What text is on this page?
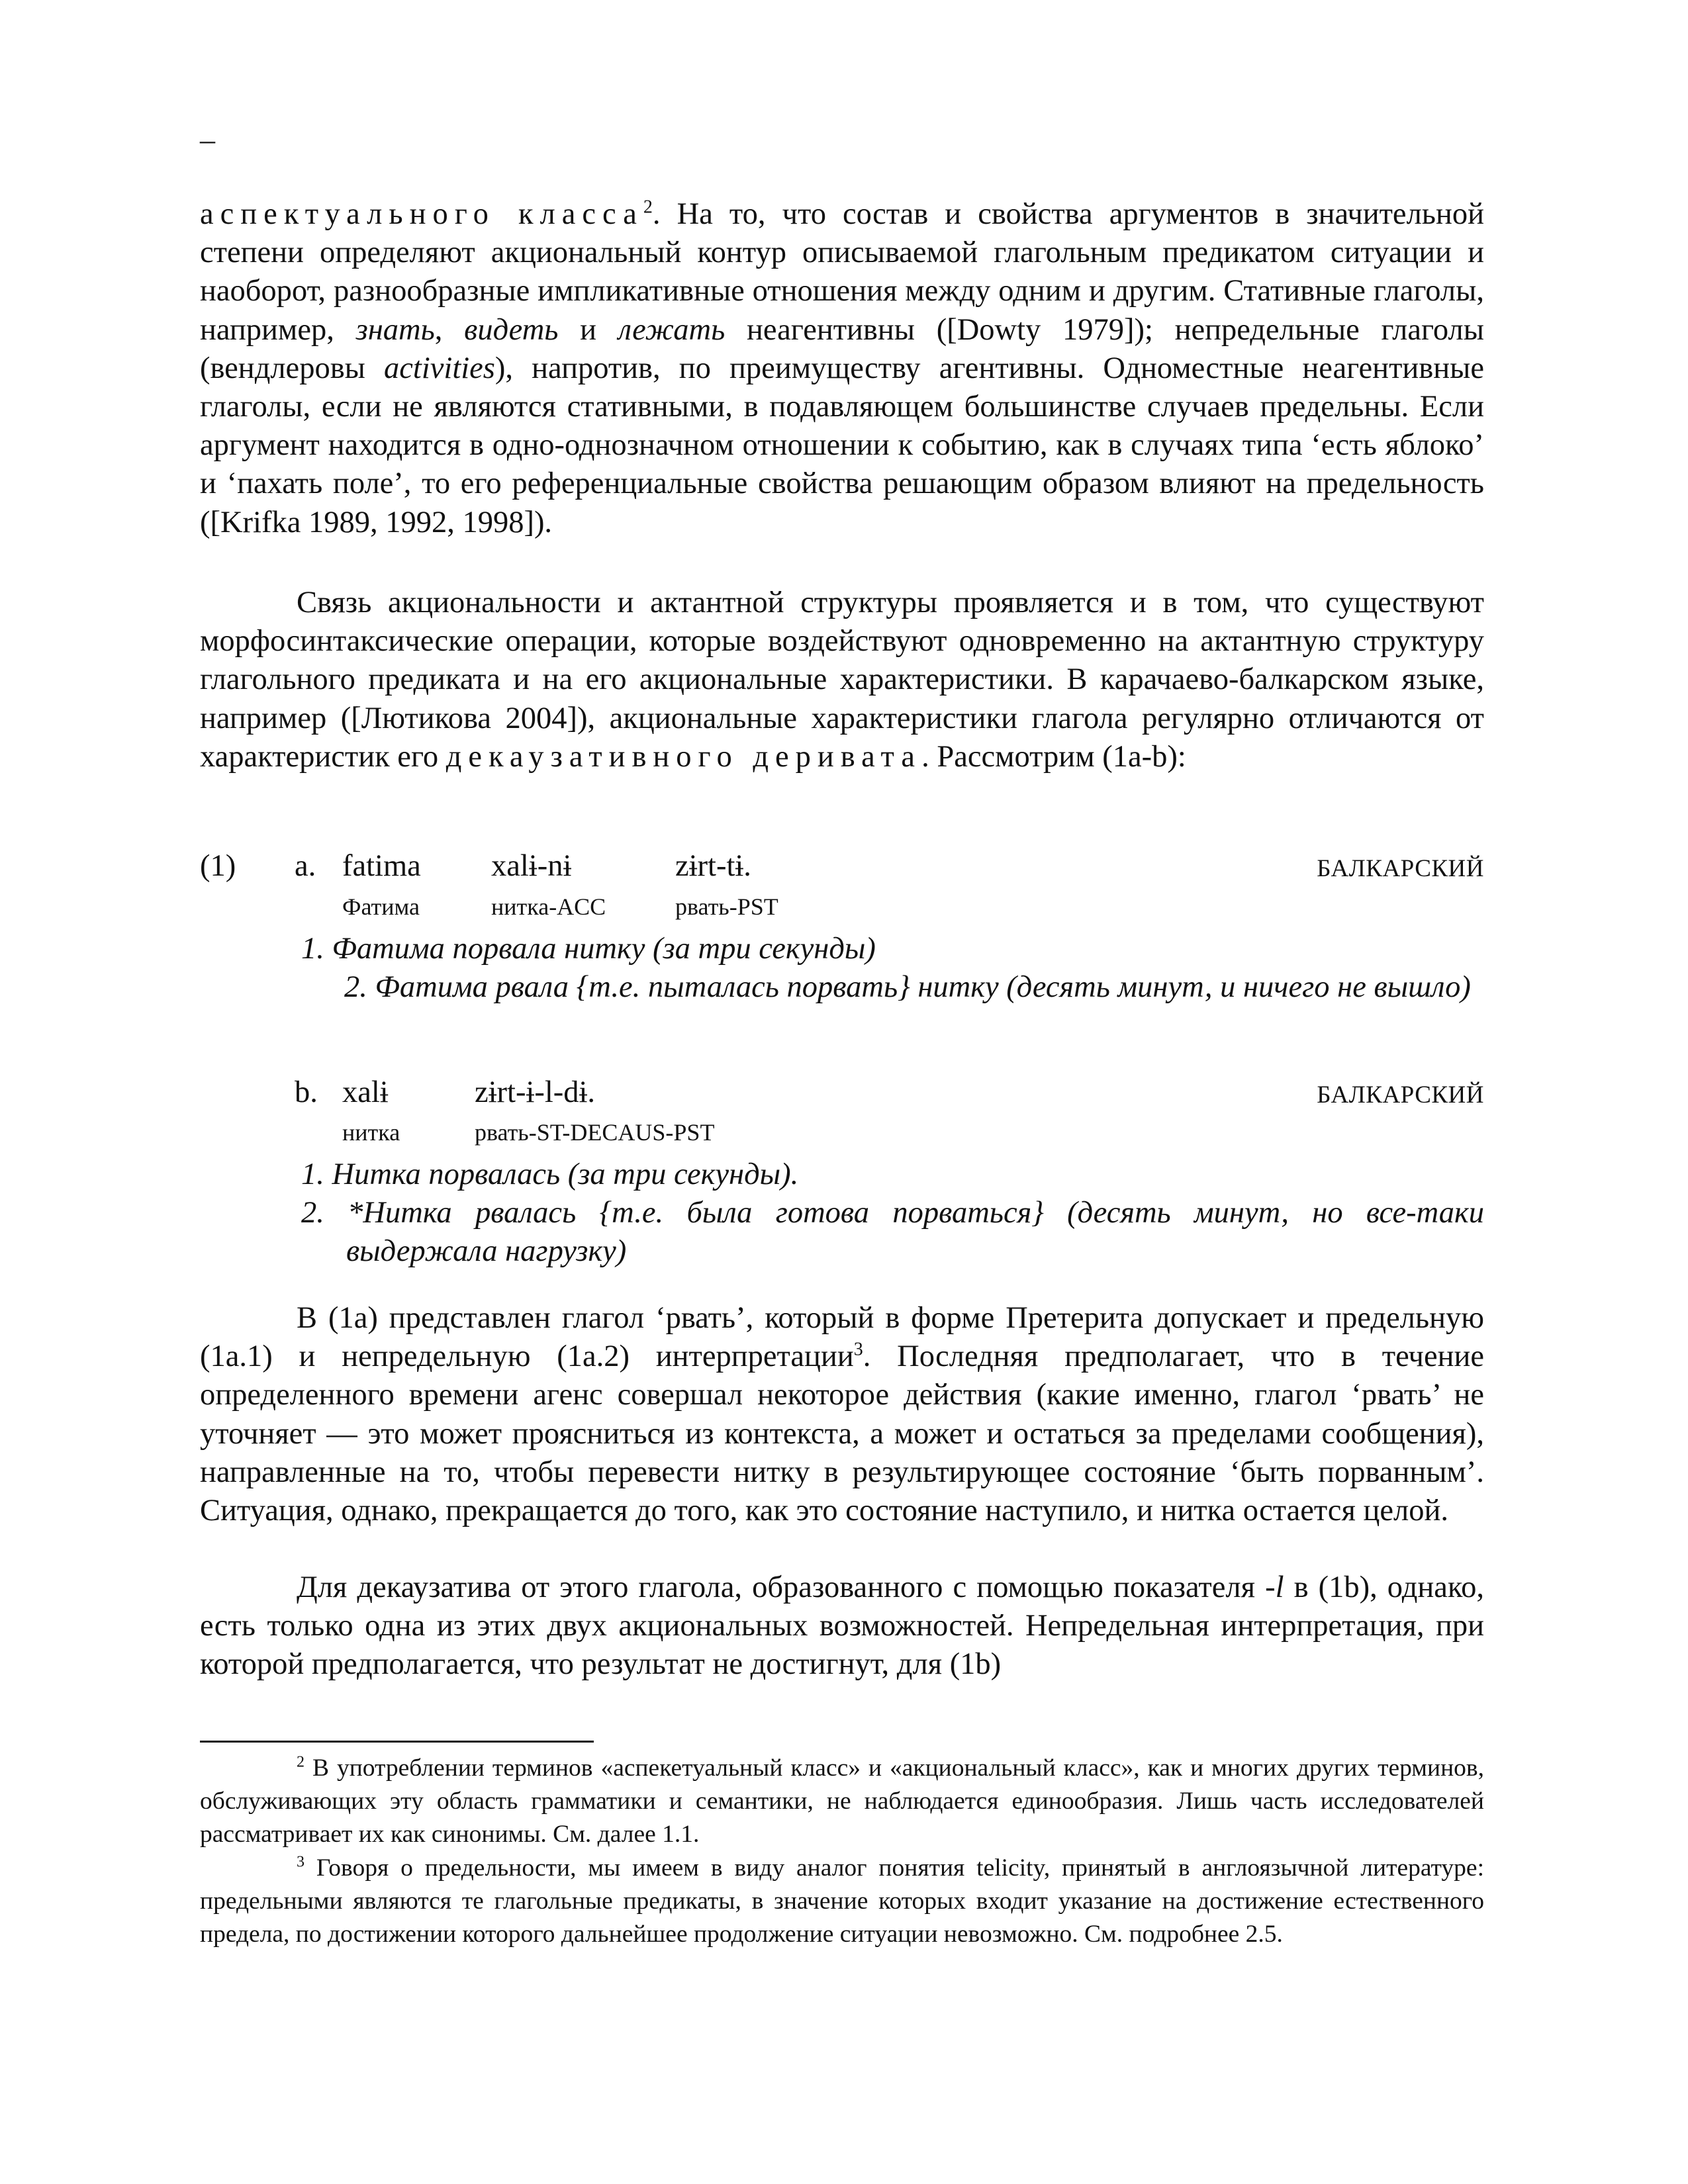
–
аспектуального класса$^2$. На то, что состав и свойства аргументов в значительной степени определяют акциональный контур описываемой глагольным предикатом ситуации и наоборот, разнообразные импликативные отношения между одним и другим. Стативные глаголы, например, знать, видеть и лежать неагентивны ([Dowty 1979]); непредельные глаголы (вендлеровы activities), напротив, по преимуществу агентивны. Одноместные неагентивные глаголы, если не являются стативными, в подавляющем большинстве случаев предельны. Если аргумент находится в одно-однозначном отношении к событию, как в случаях типа ‘есть яблоко’ и ‘пахать поле’, то его референциальные свойства решающим образом влияют на предельность ([Krifka 1989, 1992, 1998]).
Связь акциональности и актантной структуры проявляется и в том, что существуют морфосинтаксические операции, которые воздействуют одновременно на актантную структуру глагольного предиката и на его акциональные характеристики. В карачаево-балкарском языке, например ([Лютикова 2004]), акциональные характеристики глагола регулярно отличаются от характеристик его декаузативного деривата. Рассмотрим (1a-b):
(1) a. fatima xalɨ-nɨ	zɨrt-tɨ.	БАЛКАРСКИЙ
Фатима	нитка-ACC	рвать-PST
1. Фатима порвала нитку (за три секунды)
2. Фатима рвала {т.е. пыталась порвать} нитку (десять минут, и ничего не вышло)
b. xalɨ	zɨrt-ɨ-l-dɨ.	БАЛКАРСКИЙ
нитка	рвать-ST-DECAUS-PST
1. Нитка порвалась (за три секунды).
2. *Нитка рвалась {т.е. была готова порваться} (десять минут, но все-таки выдержала нагрузку)
В (1a) представлен глагол ‘рвать’, который в форме Претерита допускает и предельную (1a.1) и непредельную (1a.2) интерпретации$^3$. Последняя предполагает, что в течение определенного времени агенс совершал некоторое действия (какие именно, глагол ‘рвать’ не уточняет — это может проясниться из контекста, а может и остаться за пределами сообщения), направленные на то, чтобы перевести нитку в результирующее состояние ‘быть порванным’. Ситуация, однако, прекращается до того, как это состояние наступило, и нитка остается целой.
Для декаузатива от этого глагола, образованного с помощью показателя -l в (1b), однако, есть только одна из этих двух акциональных возможностей. Непредельная интерпретация, при которой предполагается, что результат не достигнут, для (1b)
$^2$ В употреблении терминов «аспекетуальный класс» и «акциональный класс», как и многих других терминов, обслуживающих эту область грамматики и семантики, не наблюдается единообразия. Лишь часть исследователей рассматривает их как синонимы. См. далее 1.1.
$^3$ Говоря о предельности, мы имеем в виду аналог понятия telicity, принятый в англоязычной литературе: предельными являются те глагольные предикаты, в значение которых входит указание на достижение естественного предела, по достижении которого дальнейшее продолжение ситуации невозможно. См. подробнее 2.5.
